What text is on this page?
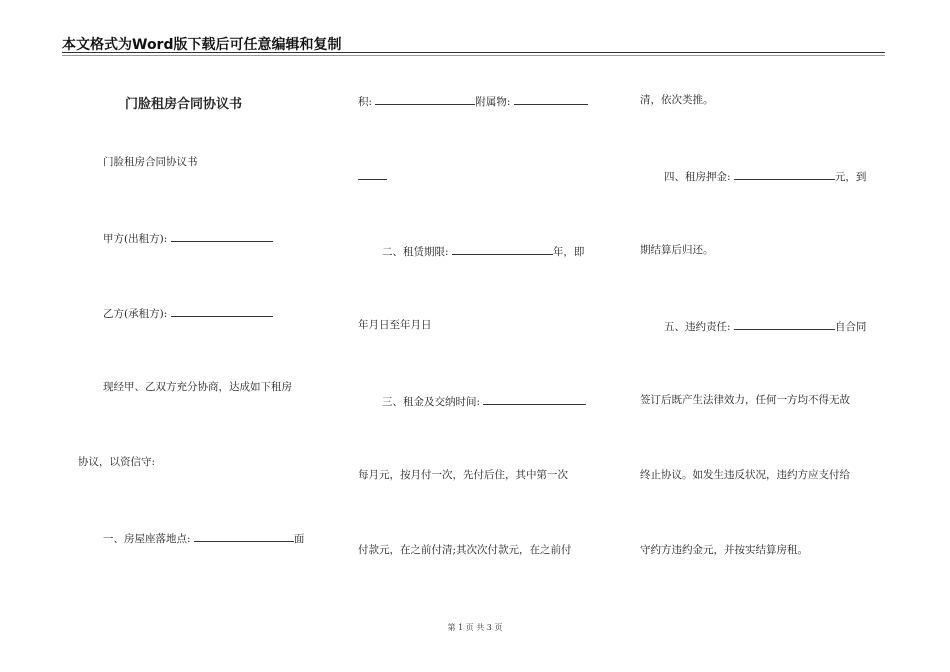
本文格式为Word版下载后可任意编辑和复制
门脸租房合同协议书
门脸租房合同协议书
甲方(出租方):
乙方(承租方):
现经甲、乙双方充分协商，达成如下租房
协议，以资信守:
一、房屋座落地点:	面
积:	附属物:
二、租赁期限:	年，即
年月日至年月日
三、租金及交纳时间:
每月元，按月付一次，先付后住，其中第一次
付款元，在之前付清;其次次付款元，在之前付
清，依次类推。
四、租房押金:	元，到
期结算后归还。
五、违约责任:	自合同
签订后既产生法律效力，任何一方均不得无故
终止协议。如发生违反状况，违约方应支付给
守约方违约金元，并按实结算房租。
第 1 页 共 3 页
